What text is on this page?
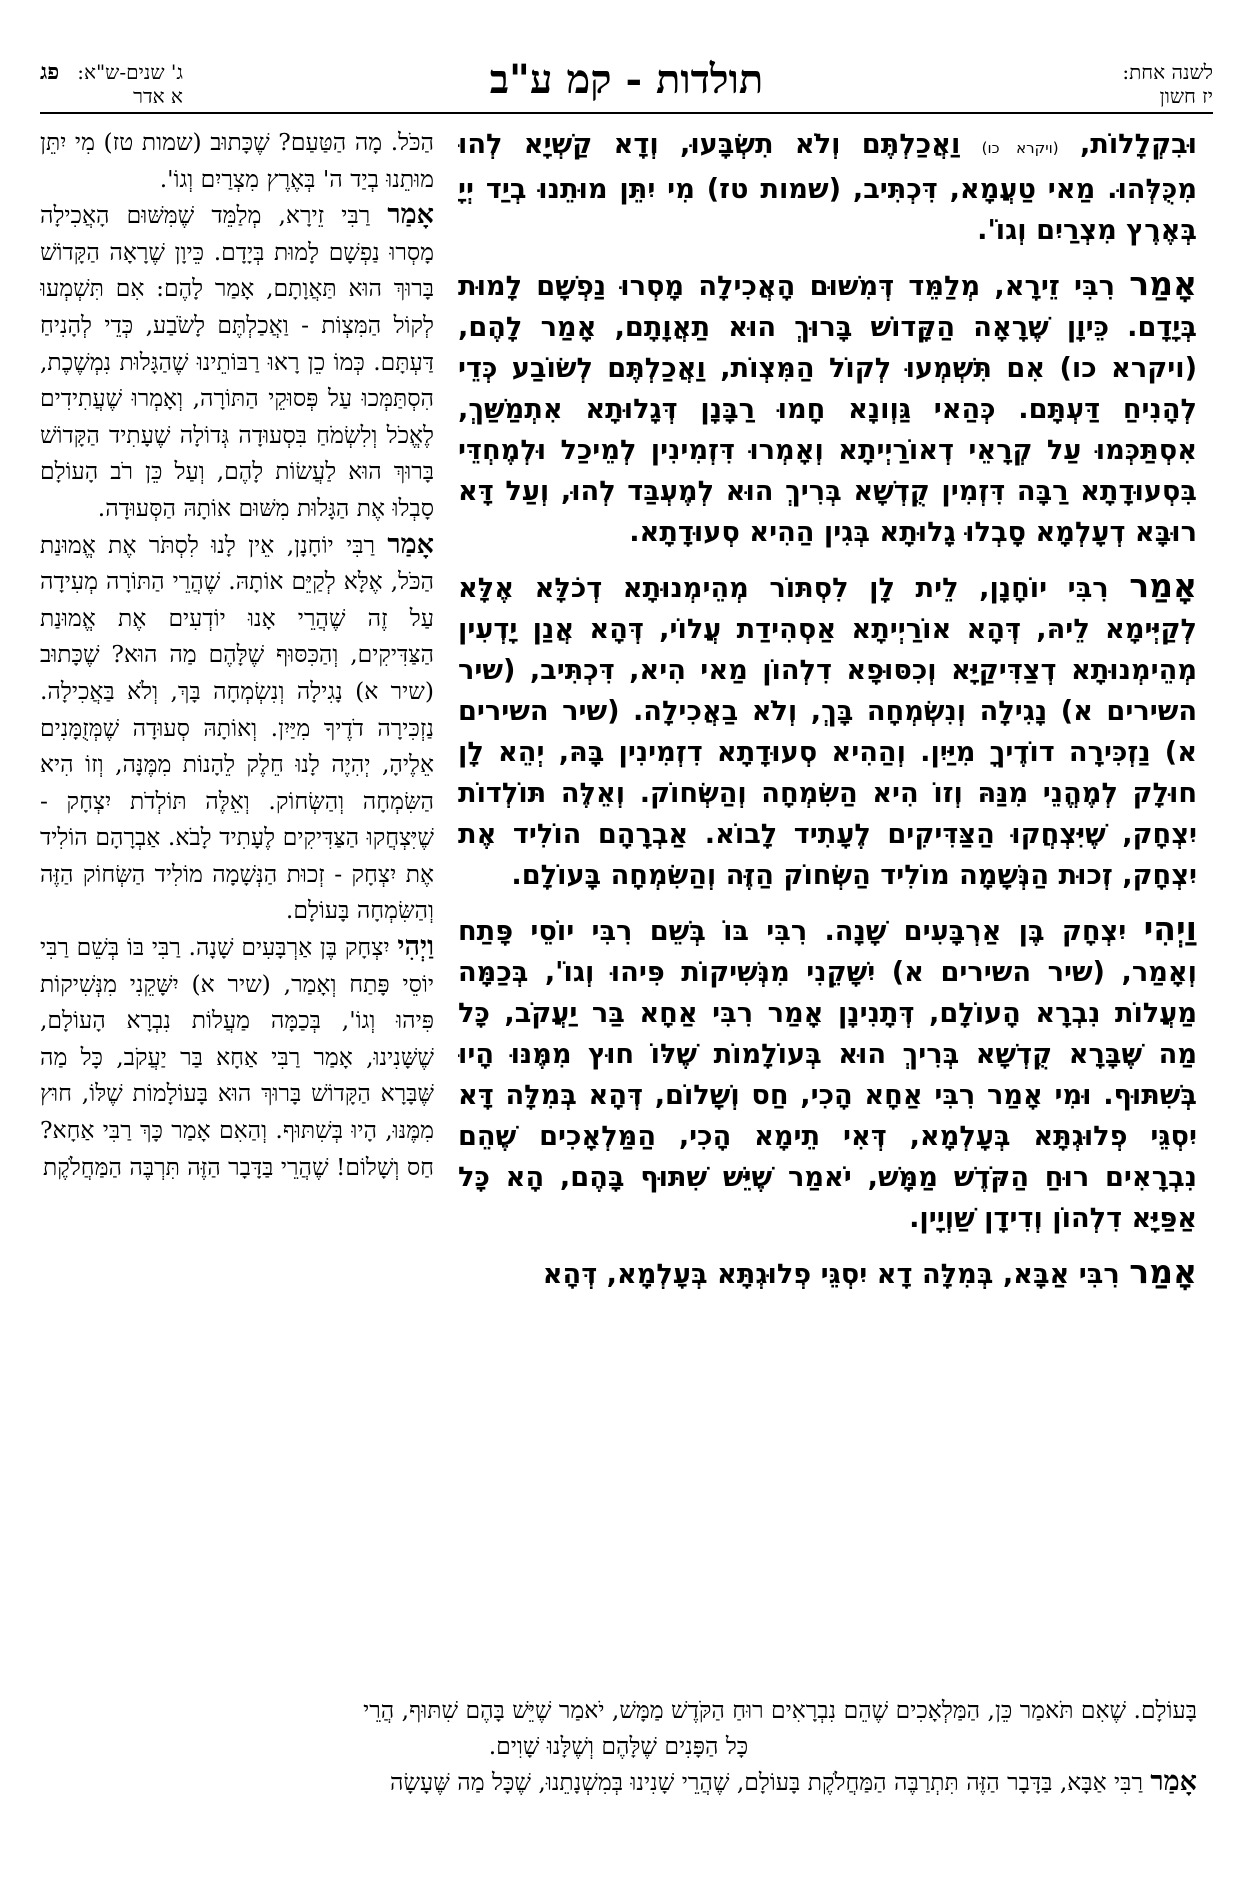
לשנה אחת:
יז חשון
תולדות - קמ ע"ב
פג ג' שנים-ש"א:
א אדר

וּבִקְלָלוֹת, (ויקרא כו) וַאֲכַלְתֶּם וְלֹא תִשְׂבָּעוּ, וְדָא קַשְׁיָא לְהוּ מִכֻּלְּהוּ. מַאי טַעֲמָא, דִּכְתִּיב, (שמות טז) מִי יִתֵּן מוּתֵנוּ בְיַד יְיָ בְּאֶרֶץ מִצְרַיִם וְגוֹ'.

אָמַר רִבִּי זֵירָא, מְלַמֵּד דְּמִשּׁוּם הָאֲכִילָה מָסְרוּ נַפְשָׁם לָמוּת בְּיָדָם. כֵּיוָן שֶׁרָאָה הַקָּדוֹשׁ בָּרוּךְ הוּא תַאֲוָתָם, אָמַר לָהֶם, (ויקרא כו) אִם תִּשְׁמְעוּ לְקוֹל הַמִּצְוֹת, וַאֲכַלְתֶּם לְשׂוֹבַע כְּדֵי לְהָנִיחַ דַּעְתָּם. כְּהַאי גַּוְונָא חָמוּ רַבָּנָן דְּגָלוּתָא אִתְמַשַּׁךְ, אִסְתַּכְּמוּ עַל קְרָאֵי דְאוֹרַיְיתָא וְאָמְרוּ דִּזְמִינִין לְמֵיכַל וּלְמֶחְדֵּי בִּסְעוּדָתָא רַבָּה דִּזְמִין קֻדְשָׁא בְּרִיךְ הוּא לְמֶעְבַּד לְהוּ, וְעַל דָּא רוּבָּא דְעָלְמָא סָבְלוּ גָלוּתָא בְּגִין הַהִיא סְעוּדָתָא.

אָמַר רִבִּי יוֹחָנָן, לֵית לָן לִסְתּוֹר מְהֵימְנוּתָא דְכֹלָּא אֶלָּא לְקַיְּימָא לֵיהּ, דְּהָא אוֹרַיְיתָא אַסְהִידַת עֲלוֹי, דְּהָא אֲנַן יָדְעִין מְהֵימְנוּתָא דְצַדִּיקַיָּא וְכִסּוּפָא דִלְהוֹן מַאי הִיא, דִּכְתִּיב, (שיר השירים א) נָגִילָה וְנִשְׂמְחָה בָּךְ, וְלֹא בַאֲכִילָה. (שיר השירים א) נַזְכִּירָה דוֹדֶיךָ מִיַּיִן. וְהַהִיא סְעוּדָתָא דִזְמִינִין בָּהּ, יְהֵא לָן חוּלָק לְמֶהֱנֵי מִנַּהּ וְזוֹ הִיא הַשִּׂמְחָה וְהַשְּׂחוֹק. וְאֵלֶּה תּוֹלְדוֹת יִצְחָק, שֶׁיִּצְחֲקוּ הַצַּדִּיקִים לֶעָתִיד לָבוֹא. אַבְרָהָם הוֹלִיד אֶת יִצְחָק, זְכוּת הַנְּשָׁמָה מוֹלִיד הַשְּׂחוֹק הַזֶּה וְהַשִּׂמְחָה בָּעוֹלָם.

וַיְהִי יִצְחָק בֶּן אַרְבָּעִים שָׁנָה. רִבִּי בּוֹ בְּשֵׁם רִבִּי יוֹסֵי פָּתַח וְאָמַר, (שיר השירים א) יִשָּׁקֵנִי מִנְּשִׁיקוֹת פִּיהוּ וְגוֹ', בְּכַמָּה מַעֲלוֹת נִבְרָא הָעוֹלָם, דְּתָנִינָן אָמַר רִבִּי אַחָא בַּר יַעֲקֹב, כָּל מַה שֶּׁבָּרָא קֻדְשָׁא בְּרִיךְ הוּא בְּעוֹלָמוֹת שֶׁלּוֹ חוּץ מִמֶּנּוּ הָיוּ בְּשִׁתּוּף. וּמִי אָמַר רִבִּי אַחָא הָכִי, חַס וְשָׁלוֹם, דְּהָא בְּמִלָּה דָּא יִסְגֵּי פְלוּגְתָּא בְּעָלְמָא, דְּאִי תֵימָא הָכִי, הַמַּלְאָכִים שֶׁהֵם נִבְרָאִים רוּחַ הַקֹּדֶשׁ מַמָּשׁ, יֹאמַר שֶׁיֵּשׁ שִׁתּוּף בָּהֶם, הָא כָּל אַפַּיָּא דִלְהוֹן וְדִידָן שַׁוְיָין.

אָמַר רִבִּי אַבָּא, בְּמִלָּה דָא יִסְגֵּי פְלוּגְתָּא בְּעָלְמָא, דְּהָא

הַכֹּל. מָה הַטַּעַם? שֶׁכָּתוּב (שמות טז) מִי יִתֵּן מוּתֵנוּ בְיַד ה' בְּאֶרֶץ מִצְרַיִם וְגוֹ'.

אָמַר רַבִּי זֵירָא, מְלַמֵּד שֶׁמִּשּׁוּם הָאֲכִילָה מָסְרוּ נַפְשָׁם לָמוּת בְּיָדָם. כֵּיוָן שֶׁרָאָה הַקָּדוֹשׁ בָּרוּךְ הוּא תַּאֲוָתָם, אָמַר לָהֶם: אִם תִּשְׁמְעוּ לְקוֹל הַמִּצְוֹת - וַאֲכַלְתֶּם לָשֹׂבַע, כְּדֵי לְהָנִיחַ דַּעְתָּם. כְּמוֹ כֵן רָאוּ רַבּוֹתֵינוּ שֶׁהַגָּלוּת נִמְשֶׁכֶת, הִסְתַּמְּכוּ עַל פְּסוּקֵי הַתּוֹרָה, וְאָמְרוּ שֶׁעֲתִידִים לֶאֱכֹל וְלִשְׂמֹחַ בִּסְעוּדָה גְּדוֹלָה שֶׁעָתִיד הַקָּדוֹשׁ בָּרוּךְ הוּא לַעֲשׂוֹת לָהֶם, וְעַל כֵּן רֹב הָעוֹלָם סָבְלוּ אֶת הַגָּלוּת מִשּׁוּם אוֹתָהּ הַסְּעוּדָה.

אָמַר רַבִּי יוֹחָנָן, אֵין לָנוּ לִסְתֹּר אֶת אֱמוּנַת הַכֹּל, אֶלָּא לְקַיֵּם אוֹתָהּ. שֶׁהֲרֵי הַתּוֹרָה מְעִידָה עַל זֶה שֶׁהֲרֵי אָנוּ יוֹדְעִים אֶת אֱמוּנַת הַצַּדִּיקִים, וְהַכִּסּוּף שֶׁלָּהֶם מַה הוּא? שֶׁכָּתוּב (שיר א) נָגִילָה וְנִשְׂמְחָה בָּךְ, וְלֹא בַּאֲכִילָה. נַזְכִּירָה דֹדֶיךָ מִיַּיִן. וְאוֹתָהּ סְעוּדָה שֶׁמְּזֻמָּנִים אֵלֶיהָ, יְהִיֶה לָנוּ חֵלֶק לֵהָנוֹת מִמֶּנָּה, וְזוֹ הִיא הַשִּׂמְחָה וְהַשְּׂחוֹק. וְאֵלֶּה תּוֹלְדֹת יִצְחָק - שֶׁיִּצְחֲקוּ הַצַּדִּיקִים לֶעָתִיד לָבֹא. אַבְרָהָם הוֹלִיד אֶת יִצְחָק - זְכוּת הַנְּשָׁמָה מוֹלִיד הַשְּׂחוֹק הַזֶּה וְהַשִּׂמְחָה בָּעוֹלָם.

וַיְהִי יִצְחָק בֶּן אַרְבָּעִים שָׁנָה. רַבִּי בּוֹ בְּשֵׁם רַבִּי יוֹסֵי פָּתַח וְאָמַר, (שיר א) יִשָּׁקֵנִי מִנְּשִׁיקוֹת פִּיהוּ וְגוֹ', בְּכַמָּה מַעֲלוֹת נִבְרָא הָעוֹלָם, שֶׁשָּׁנִינוּ, אָמַר רַבִּי אַחָא בַּר יַעֲקֹב, כָּל מַה שֶּׁבָּרָא הַקָּדוֹשׁ בָּרוּךְ הוּא בָּעוֹלָמוֹת שֶׁלּוֹ, חוּץ מִמֶּנּוּ, הָיוּ בְּשִׁתּוּף. וְהַאִם אָמַר כָּךְ רַבִּי אַחָא? חַס וְשָׁלוֹם! שֶׁהֲרֵי בַּדָּבָר הַזֶּה תִּרְבֶּה הַמַּחֲלֹקֶת

בָּעוֹלָם. שֶׁאִם תֹּאמַר כֵּן, הַמַּלְאָכִים שֶׁהֵם נִבְרָאִים רוּחַ הַקֹּדֶשׁ מַמָּשׁ, יֹאמַר שֶׁיֵּשׁ בָּהֶם שִׁתּוּף, הֲרֵי

כָּל הַפָּנִים שֶׁלָּהֶם וְשֶׁלָּנוּ שָׁוִים.

אָמַר רַבִּי אַבָּא, בַּדָּבָר הַזֶּה תִּתְרַבֶּה הַמַּחֲלֹקֶת בָּעוֹלָם, שֶׁהֲרֵי שָׁנִינוּ בְּמִשְׁנָתֵנוּ, שֶׁכָּל מַה שֶּׁעָשָׂה
